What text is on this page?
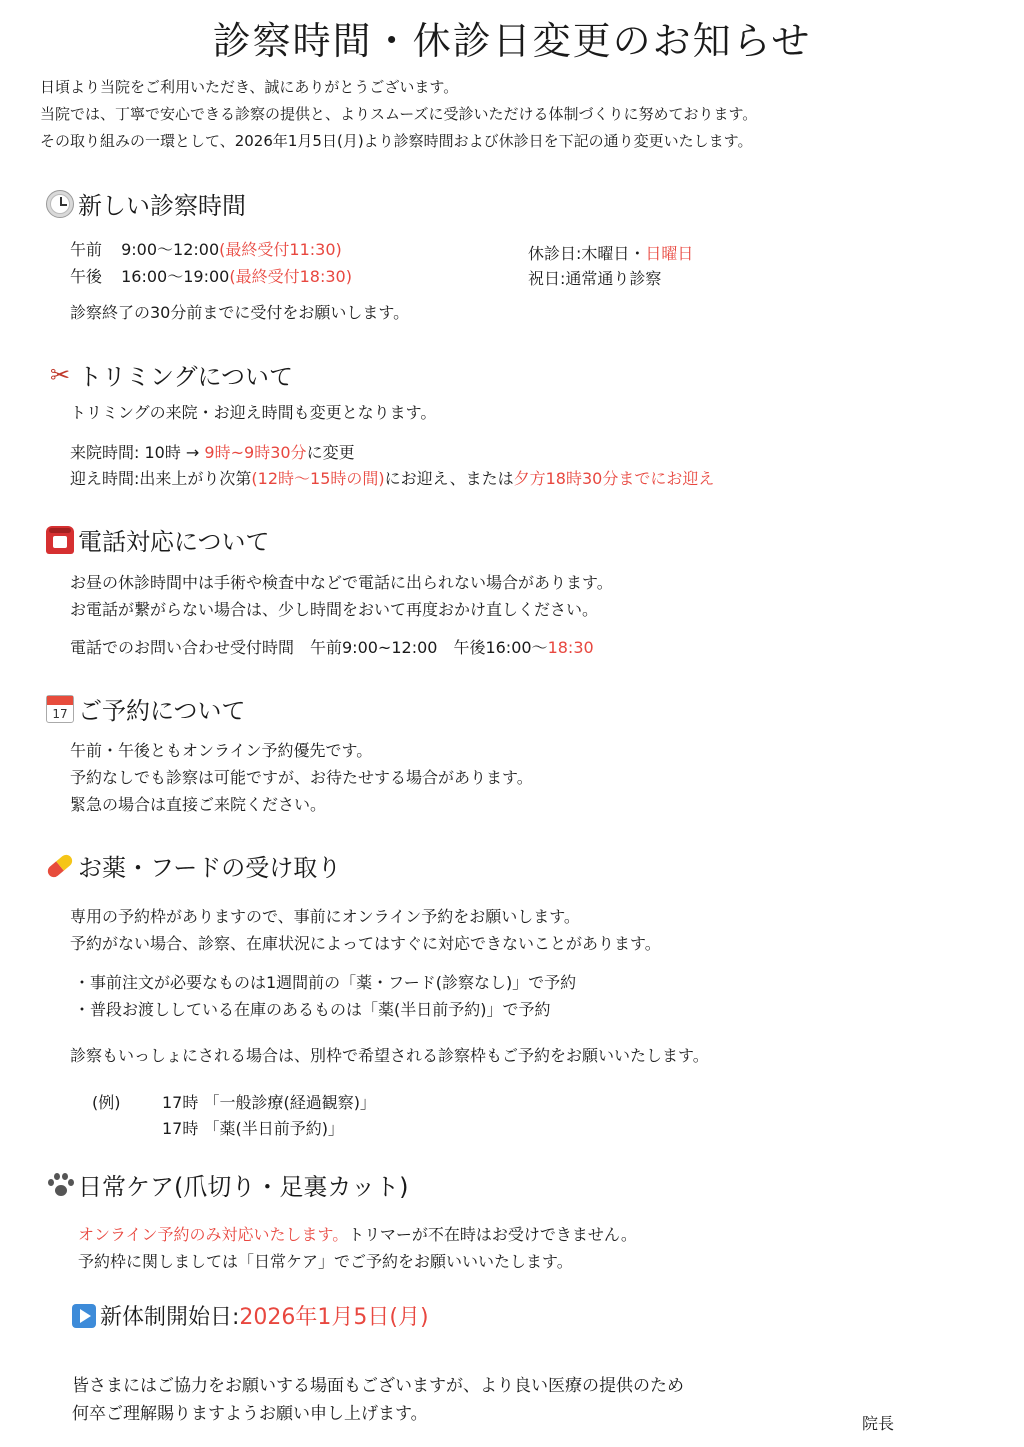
診察時間・休診日変更のお知らせ
日頃より当院をご利用いただき、誠にありがとうございます。
当院では、丁寧で安心できる診察の提供と、よりスムーズに受診いただける体制づくりに努めております。
その取り組みの一環として、2026年1月5日(月)より診察時間および休診日を下記の通り変更いたします。
新しい診察時間
午前 9:00〜12:00(最終受付11:30)
午後 16:00〜19:00(最終受付18:30)
休診日:木曜日・日曜日
祝日:通常通り診察
診察終了の30分前までに受付をお願いします。
✂ トリミングについて
トリミングの来院・お迎え時間も変更となります。
来院時間: 10時 → 9時~9時30分に変更
迎え時間:出来上がり次第(12時〜15時の間)にお迎え、または夕方18時30分までにお迎え
電話対応について
お昼の休診時間中は手術や検査中などで電話に出られない場合があります。
お電話が繋がらない場合は、少し時間をおいて再度おかけ直しください。
電話でのお問い合わせ受付時間　午前9:00~12:00　午後16:00〜18:30
17 ご予約について
午前・午後ともオンライン予約優先です。
予約なしでも診察は可能ですが、お待たせする場合があります。
緊急の場合は直接ご来院ください。
お薬・フードの受け取り
専用の予約枠がありますので、事前にオンライン予約をお願いします。
予約がない場合、診察、在庫状況によってはすぐに対応できないことがあります。
・事前注文が必要なものは1週間前の「薬・フード(診察なし)」で予約
・普段お渡ししている在庫のあるものは「薬(半日前予約)」で予約
診察もいっしょにされる場合は、別枠で希望される診察枠もご予約をお願いいたします。
(例)	17時 「一般診療(経過観察)」
17時 「薬(半日前予約)」
日常ケア(爪切り・足裏カット)
オンライン予約のみ対応いたします。トリマーが不在時はお受けできません。
予約枠に関しましては「日常ケア」でご予約をお願いいいたします。
新体制開始日: 2026年1月5日(月)
皆さまにはご協力をお願いする場面もございますが、より良い医療の提供のため
何卒ご理解賜りますようお願い申し上げます。	院長
